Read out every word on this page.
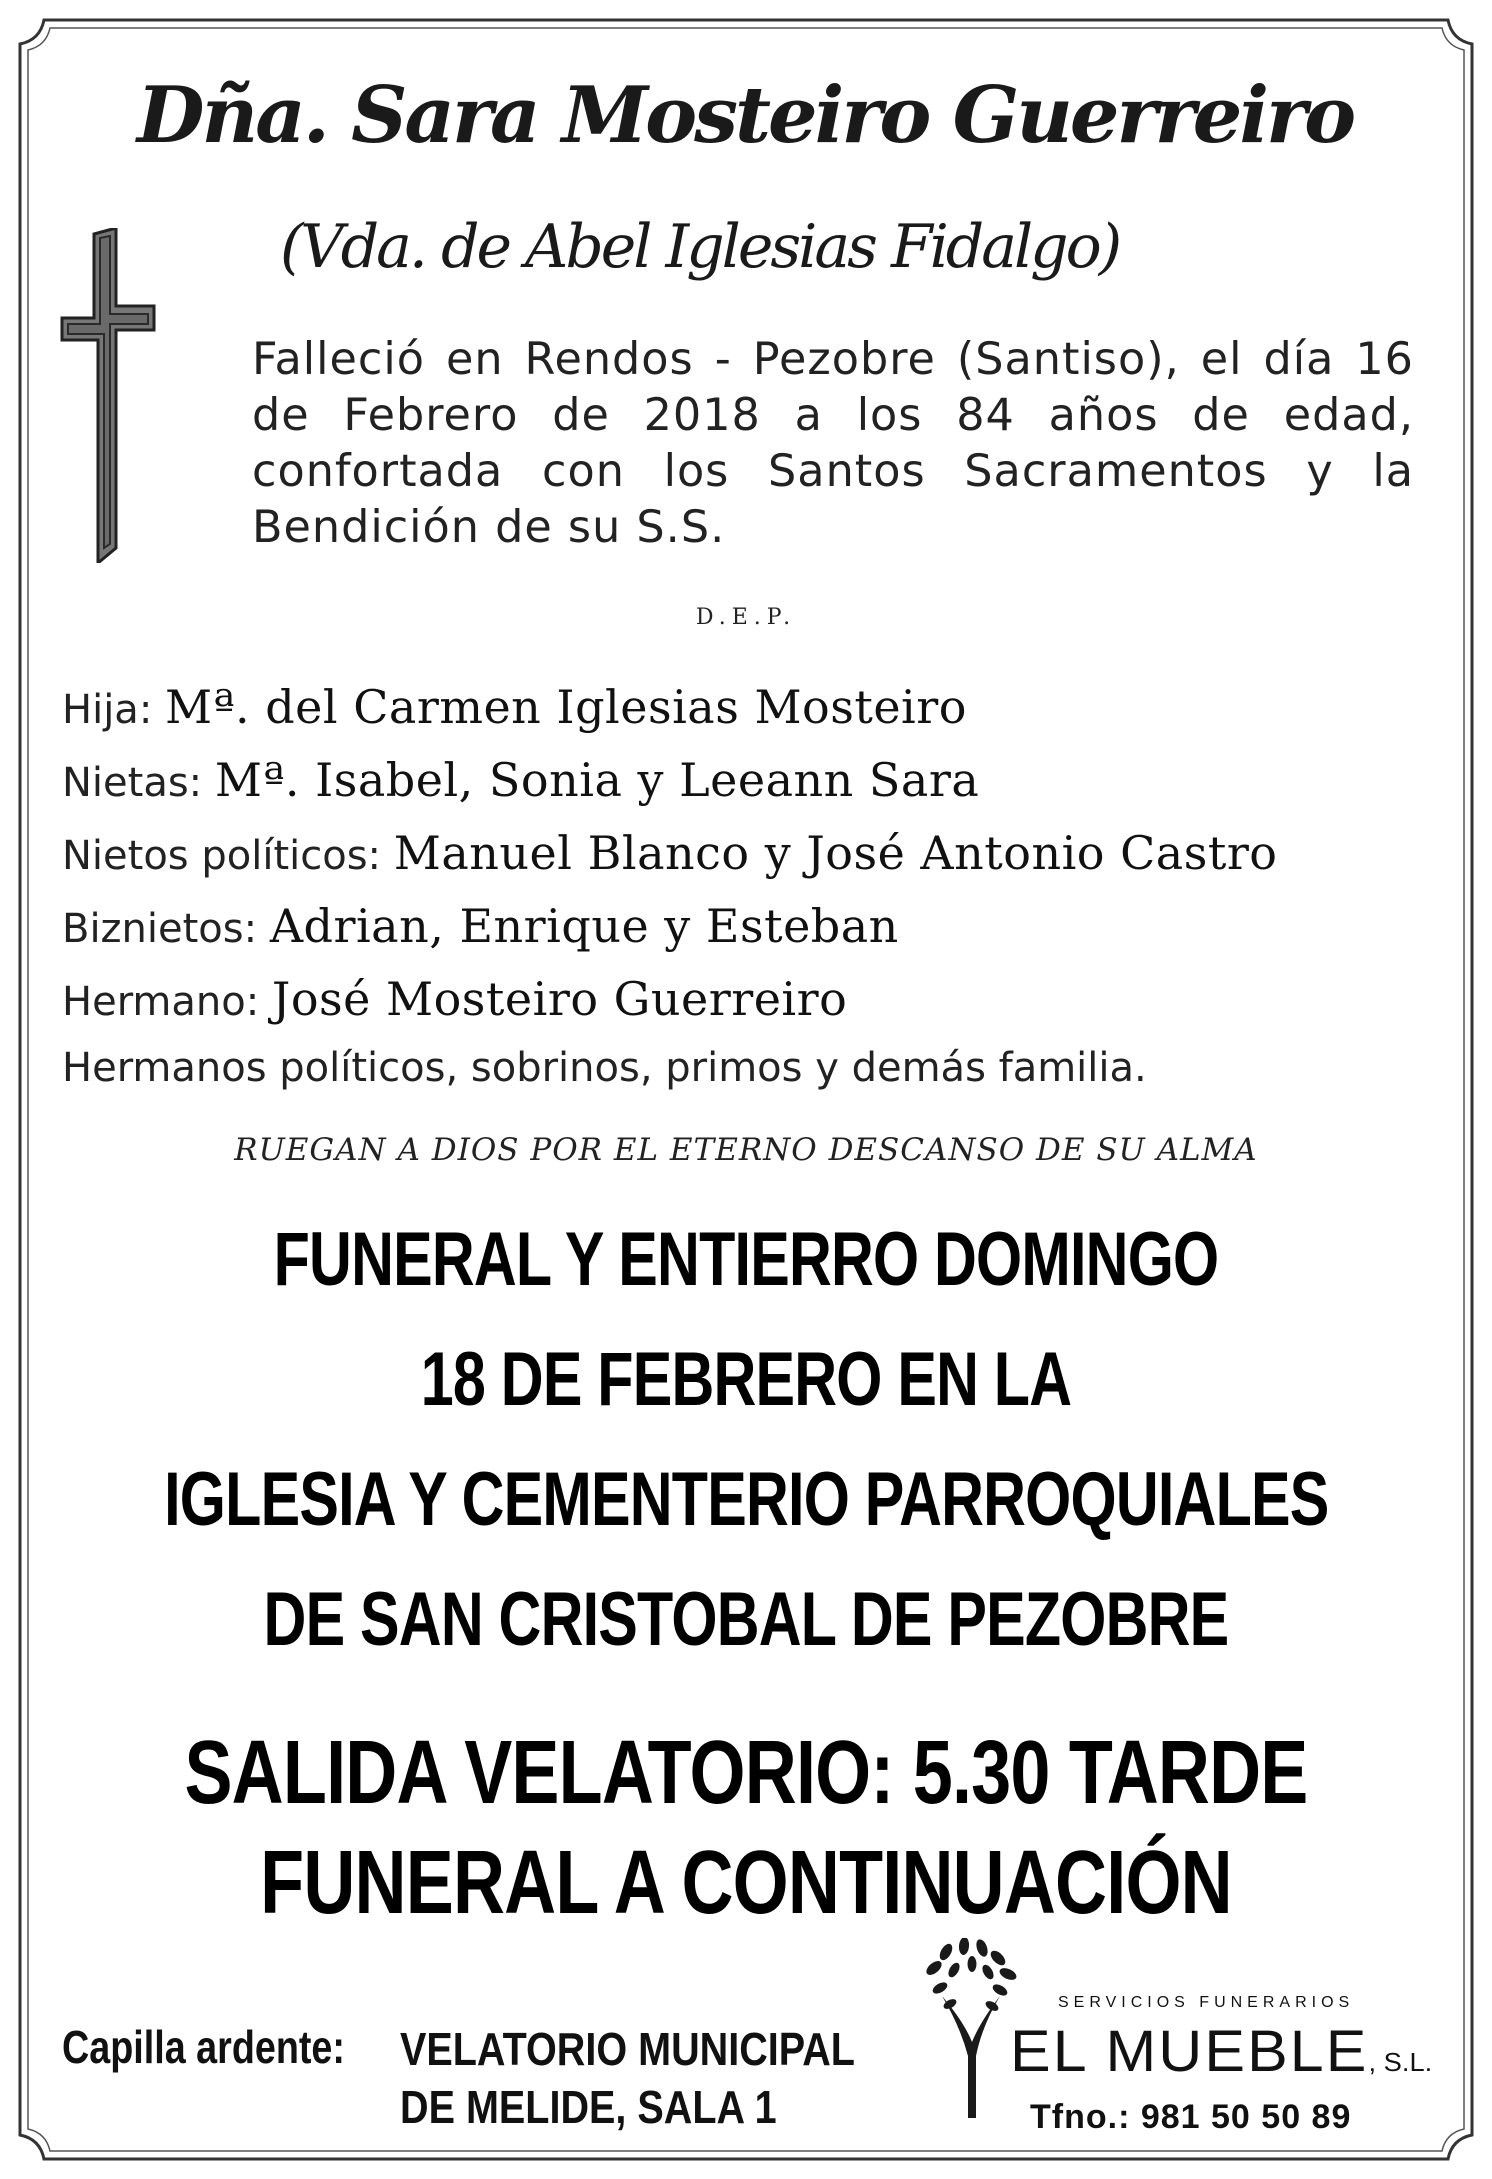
Dña. Sara Mosteiro Guerreiro
(Vda. de Abel Iglesias Fidalgo)
Falleció en Rendos - Pezobre (Santiso), el día 16 de Febrero de 2018 a los 84 años de edad, confortada con los Santos Sacramentos y la Bendición de su S.S.
D.E.P.
Hija: Mª. del Carmen Iglesias Mosteiro
Nietas: Mª. Isabel, Sonia y Leeann Sara
Nietos políticos: Manuel Blanco y José Antonio Castro
Biznietos: Adrian, Enrique y Esteban
Hermano: José Mosteiro Guerreiro
Hermanos políticos, sobrinos, primos y demás familia.
RUEGAN A DIOS POR EL ETERNO DESCANSO DE SU ALMA
FUNERAL Y ENTIERRO DOMINGO
18 DE FEBRERO EN LA
IGLESIA Y CEMENTERIO PARROQUIALES
DE SAN CRISTOBAL DE PEZOBRE
SALIDA VELATORIO: 5.30 TARDE
FUNERAL A CONTINUACIÓN
Capilla ardente: VELATORIO MUNICIPAL
DE MELIDE, SALA 1
SERVICIOS FUNERARIOS
EL MUEBLE, S.L.
Tfno.: 981 50 50 89
